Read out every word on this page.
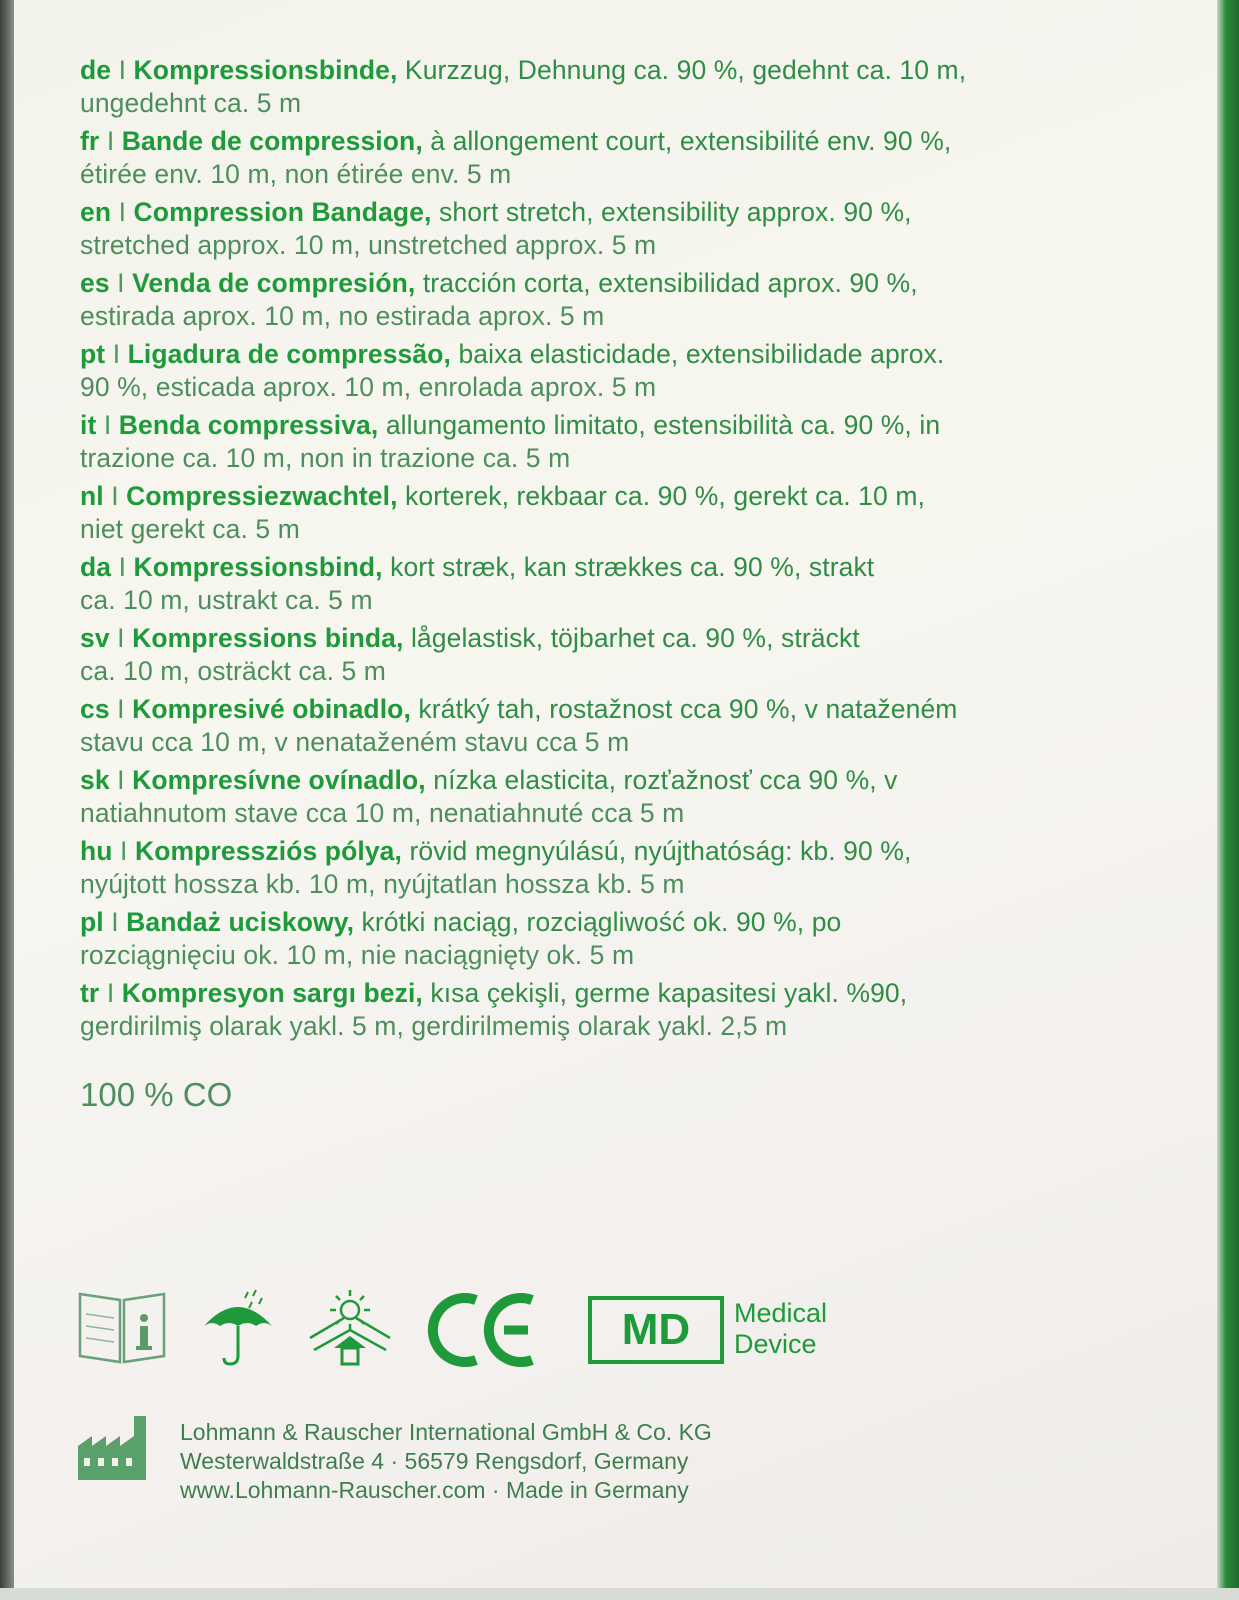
de I Kompressionsbinde, Kurzzug, Dehnung ca. 90 %, gedehnt ca. 10 m,
ungedehnt ca. 5 m
fr I Bande de compression, à allongement court, extensibilité env. 90 %,
étirée env. 10 m, non étirée env. 5 m
en I Compression Bandage, short stretch, extensibility approx. 90 %,
stretched approx. 10 m, unstretched approx. 5 m
es I Venda de compresión, tracción corta, extensibilidad aprox. 90 %,
estirada aprox. 10 m, no estirada aprox. 5 m
pt I Ligadura de compressão, baixa elasticidade, extensibilidade aprox.
90 %, esticada aprox. 10 m, enrolada aprox. 5 m
it I Benda compressiva, allungamento limitato, estensibilità ca. 90 %, in
trazione ca. 10 m, non in trazione ca. 5 m
nl I Compressiezwachtel, korterek, rekbaar ca. 90 %, gerekt ca. 10 m,
niet gerekt ca. 5 m
da I Kompressionsbind, kort stræk, kan strækkes ca. 90 %, strakt
ca. 10 m, ustrakt ca. 5 m
sv I Kompressions binda, lågelastisk, töjbarhet ca. 90 %, sträckt
ca. 10 m, osträckt ca. 5 m
cs I Kompresivé obinadlo, krátký tah, rostažnost cca 90 %, v nataženém
stavu cca 10 m, v nenataženém stavu cca 5 m
sk I Kompresívne ovínadlo, nízka elasticita, rozťažnosť cca 90 %, v
natiahnutom stave cca 10 m, nenatiahnuté cca 5 m
hu I Kompressziós pólya, rövid megnyúlású, nyújthatóság: kb. 90 %,
nyújtott hossza kb. 10 m, nyújtatlan hossza kb. 5 m
pl I Bandaż uciskowy, krótki naciąg, rozciągliwość ok. 90 %, po
rozciągnięciu ok. 10 m, nie naciągnięty ok. 5 m
tr I Kompresyon sargı bezi, kısa çekişli, germe kapasitesi yakl. %90,
gerdirilmiş olarak yakl. 5 m, gerdirilmemiş olarak yakl. 2,5 m
100 % CO
MD	Medical
Device
Lohmann & Rauscher International GmbH & Co. KG
Westerwaldstraße 4 · 56579 Rengsdorf, Germany
www.Lohmann-Rauscher.com · Made in Germany
